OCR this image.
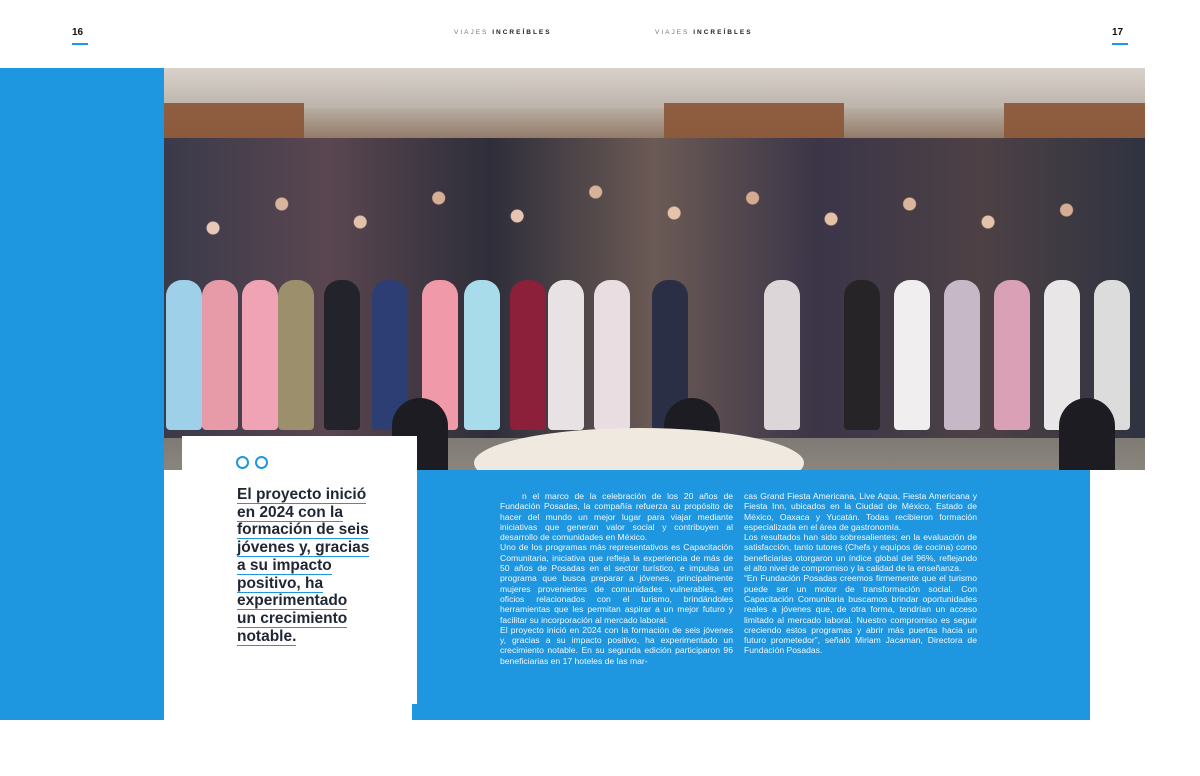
16	VIAJES INCREÍBLES	VIAJES INCREÍBLES	17
El proyecto inició
en 2024 con la
formación de seis
jóvenes y, gracias
a su impacto
positivo, ha
experimentado
un crecimiento
notable.

n el marco de la celebración de los 20 años de Fundación Posadas, la compañía refuerza su propósito de hacer del mundo un mejor lugar para viajar mediante iniciativas que generan valor social y contribuyen al desarrollo de comunidades en México.

Uno de los programas más representativos es Capacitación Comunitaria, iniciativa que refleja la experiencia de más de 50 años de Posadas en el sector turístico, e impulsa un programa que busca preparar a jóvenes, principalmente mujeres provenientes de comunidades vulnerables, en oficios relacionados con el turismo, brindándoles herramientas que les permitan aspirar a un mejor futuro y facilitar su incorporación al mercado laboral.

El proyecto inició en 2024 con la formación de seis jóvenes y, gracias a su impacto positivo, ha experimentado un crecimiento notable. En su segunda edición participaron 96 beneficiarias en 17 hoteles de las mar-

cas Grand Fiesta Americana, Live Aqua, Fiesta Americana y Fiesta Inn, ubicados en la Ciudad de México, Estado de México, Oaxaca y Yucatán. Todas recibieron formación especializada en el área de gastronomía.

Los resultados han sido sobresalientes; en la evaluación de satisfacción, tanto tutores (Chefs y equipos de cocina) como beneficiarias otorgaron un índice global del 96%, reflejando el alto nivel de compromiso y la calidad de la enseñanza.

“En Fundación Posadas creemos firmemente que el turismo puede ser un motor de transformación social. Con Capacitación Comunitaria buscamos brindar oportunidades reales a jóvenes que, de otra forma, tendrían un acceso limitado al mercado laboral. Nuestro compromiso es seguir creciendo estos programas y abrir más puertas hacia un futuro prometedor”, señaló Miriam Jacaman, Directora de Fundación Posadas.
